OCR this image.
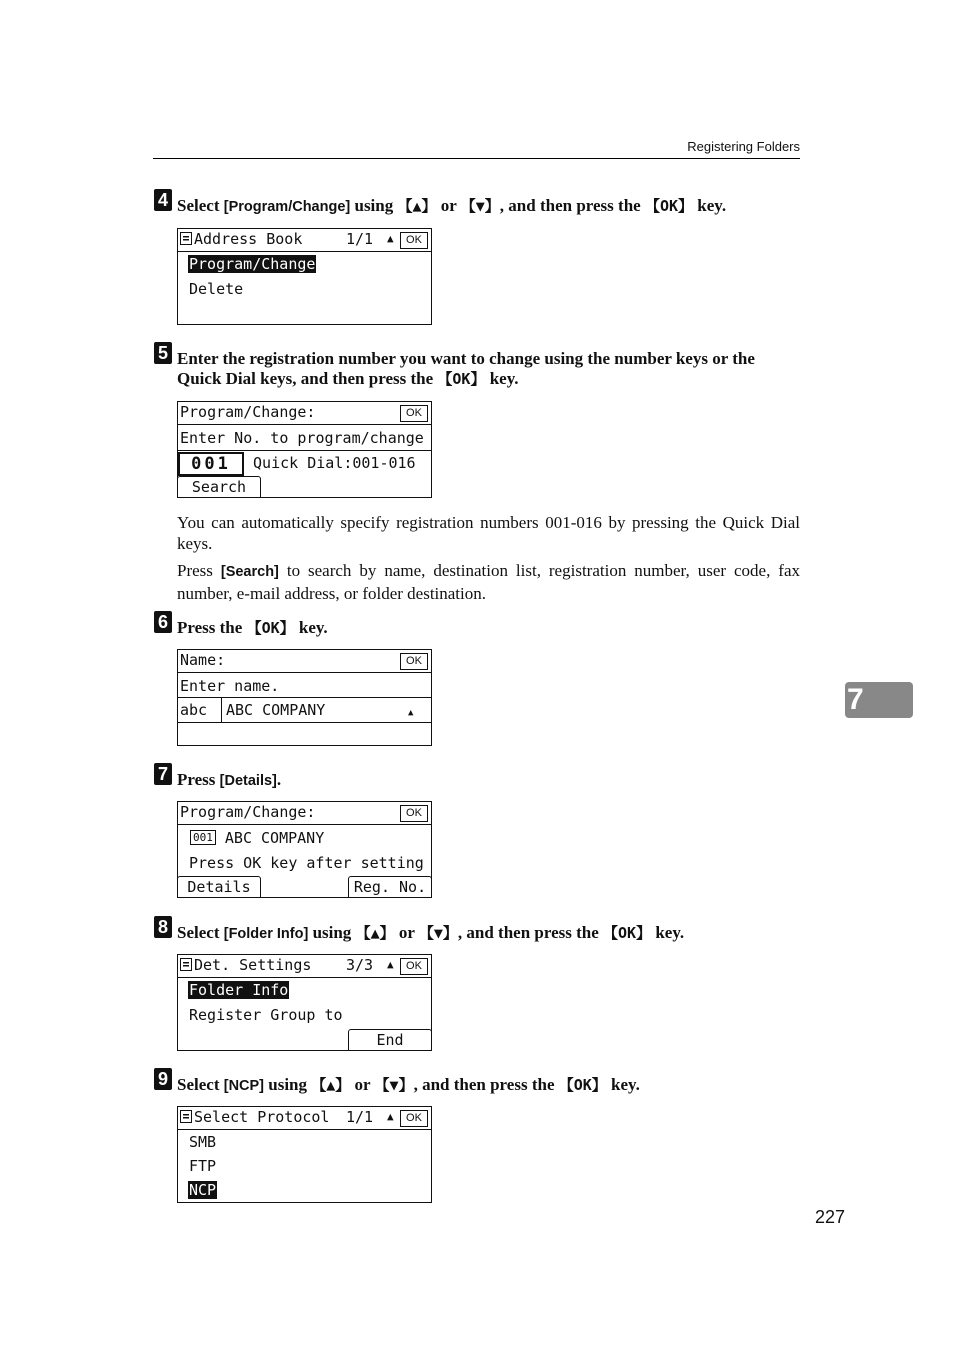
Registering Folders
4 Select [Program/Change] using 【▲】 or 【▼】, and then press the 【OK】 key.
Address Book	1/1 ▲	OK
Program/Change
Delete
5 Enter the registration number you want to change using the number keys or the Quick Dial keys, and then press the 【OK】 key.
Program/Change:	OK
Enter No. to program/change
001 Quick Dial:001-016
Search
You can automatically specify registration numbers 001-016 by pressing the Quick Dial keys.
Press [Search] to search by name, destination list, registration number, user code, fax number, e-mail address, or folder destination.
6 Press the 【OK】 key.
Name:	OK
Enter name.
abc	ABC COMPANY	▲
7 Press [Details].
Program/Change:	OK
001 ABC COMPANY
Press OK key after setting
Details	Reg. No.
8 Select [Folder Info] using 【▲】 or 【▼】, and then press the 【OK】 key.
Det. Settings 3/3 ▲	OK
Folder Info
Register Group to
End
9 Select [NCP] using 【▲】 or 【▼】, and then press the 【OK】 key.
Select Protocol 1/1 ▲	OK
SMB
FTP
NCP
7
227
